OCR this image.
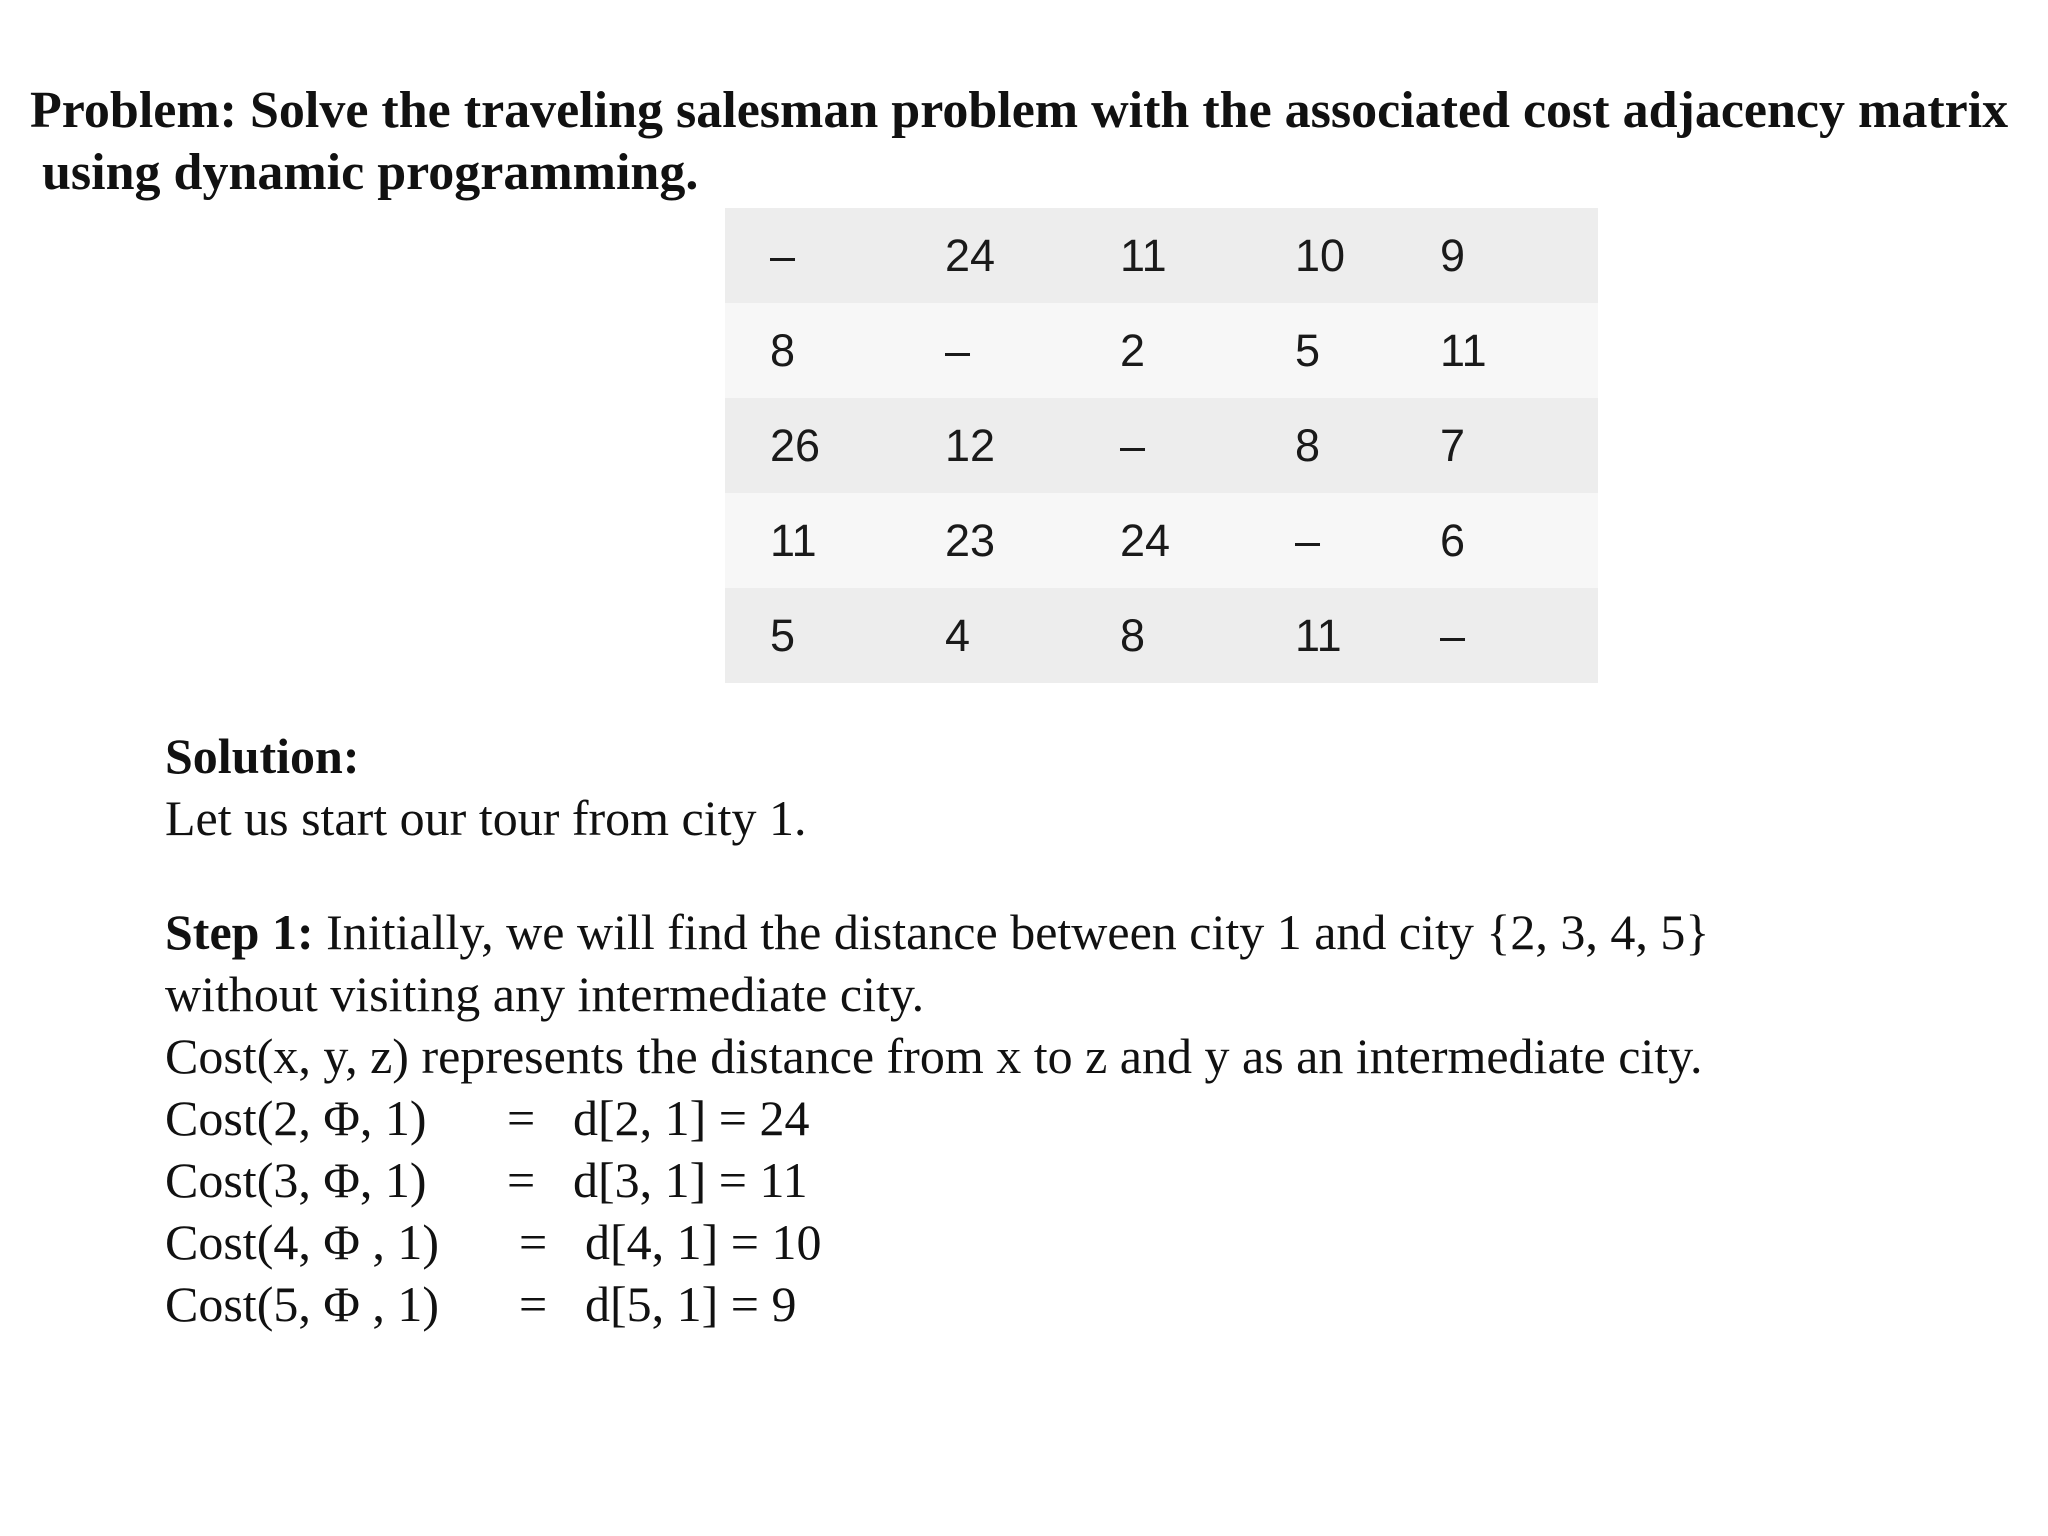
Problem: Solve the traveling salesman problem with the associated cost adjacency matrix
using dynamic programming.
–	24	11	10	9
8	–	2	5	11
26	12	–	8	7
11	23	24	–	6
5	4	8	11	–

Solution:

Let us start our tour from city 1.

Step 1: Initially, we will find the distance between city 1 and city {2, 3, 4, 5}

without visiting any intermediate city.

Cost(x, y, z) represents the distance from x to z and y as an intermediate city.

Cost(2, Φ, 1)	= d[2, 1] = 24
Cost(3, Φ, 1)	= d[3, 1] = 11
Cost(4, Φ , 1)	= d[4, 1] = 10
Cost(5, Φ , 1)	= d[5, 1] = 9
